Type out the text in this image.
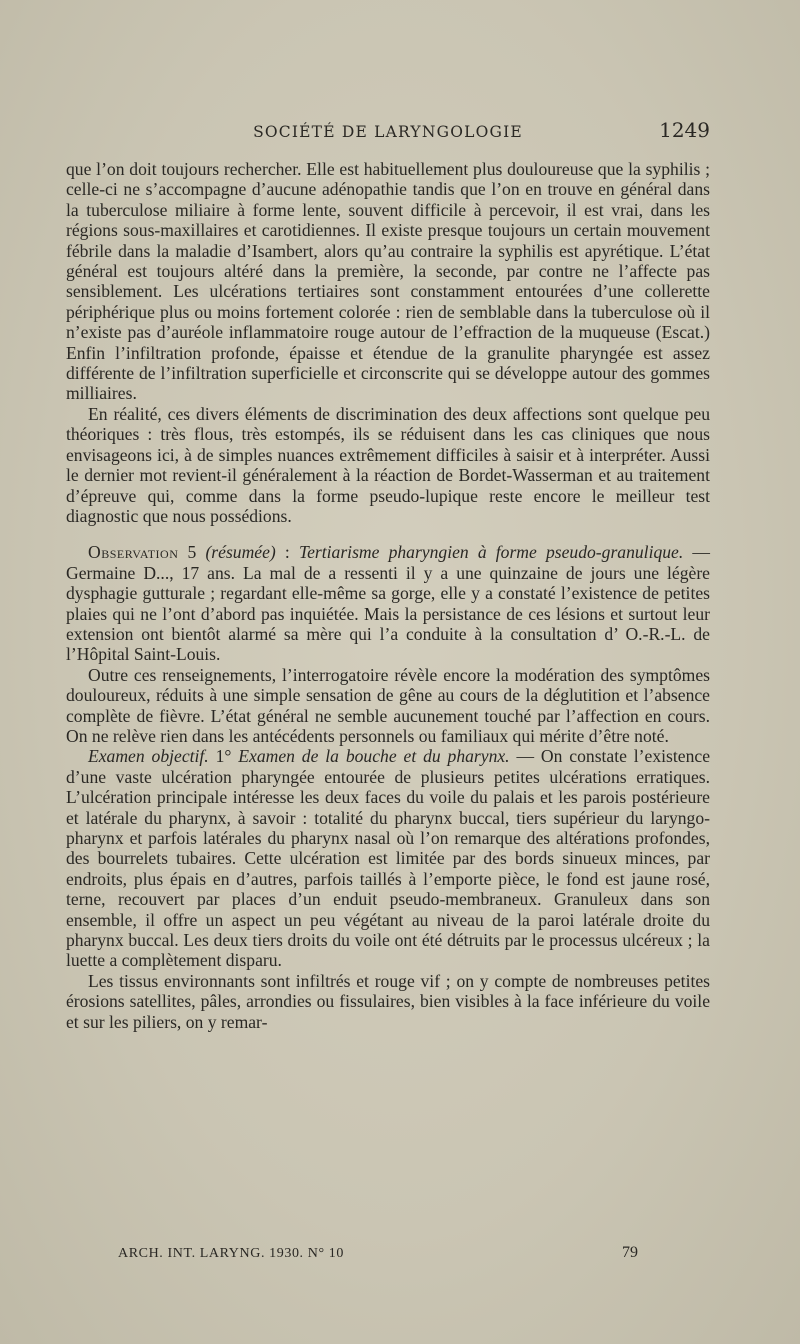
SOCIÉTÉ DE LARYNGOLOGIE	1249

que l’on doit toujours rechercher. Elle est habituellement plus douloureuse que la syphilis ; celle-ci ne s’accompagne d’aucune adénopathie tandis que l’on en trouve en général dans la tuberculose miliaire à forme lente, souvent difficile à percevoir, il est vrai, dans les régions sous-maxillaires et carotidiennes. Il existe presque toujours un certain mouvement fébrile dans la maladie d’Isambert, alors qu’au contraire la syphilis est apyrétique. L’état général est toujours altéré dans la première, la seconde, par contre ne l’affecte pas sensiblement. Les ulcérations tertiaires sont constamment entourées d’une collerette périphérique plus ou moins fortement colorée : rien de semblable dans la tuberculose où il n’existe pas d’auréole inflammatoire rouge autour de l’effraction de la muqueuse (Escat.) Enfin l’infiltration profonde, épaisse et étendue de la granulite pharyngée est assez différente de l’infiltration superficielle et circonscrite qui se développe autour des gommes milliaires.

En réalité, ces divers éléments de discrimination des deux affections sont quelque peu théoriques : très flous, très estompés, ils se réduisent dans les cas cliniques que nous envisageons ici, à de simples nuances extrêmement difficiles à saisir et à interpréter. Aussi le dernier mot revient-il généralement à la réaction de Bordet-Wasserman et au traitement d’épreuve qui, comme dans la forme pseudo-lupique reste encore le meilleur test diagnostic que nous possédions.

Observation 5 (résumée) : Tertiarisme pharyngien à forme pseudo-granulique. — Germaine D..., 17 ans. La mal de a ressenti il y a une quinzaine de jours une légère dysphagie gutturale ; regardant elle-même sa gorge, elle y a constaté l’existence de petites plaies qui ne l’ont d’abord pas inquiétée. Mais la persistance de ces lésions et surtout leur extension ont bientôt alarmé sa mère qui l’a conduite à la consultation d’ O.-R.-L. de l’Hôpital Saint-Louis.

Outre ces renseignements, l’interrogatoire révèle encore la modération des symptômes douloureux, réduits à une simple sensation de gêne au cours de la déglutition et l’absence complète de fièvre. L’état général ne semble aucunement touché par l’affection en cours. On ne relève rien dans les antécédents personnels ou familiaux qui mérite d’être noté.

Examen objectif. 1° Examen de la bouche et du pharynx. — On constate l’existence d’une vaste ulcération pharyngée entourée de plusieurs petites ulcérations erratiques. L’ulcération principale intéresse les deux faces du voile du palais et les parois postérieure et latérale du pharynx, à savoir : totalité du pharynx buccal, tiers supérieur du laryngo-pharynx et parfois latérales du pharynx nasal où l’on remarque des altérations profondes, des bourrelets tubaires. Cette ulcération est limitée par des bords sinueux minces, par endroits, plus épais en d’autres, parfois taillés à l’emporte pièce, le fond est jaune rosé, terne, recouvert par places d’un enduit pseudo-membraneux. Granuleux dans son ensemble, il offre un aspect un peu végétant au niveau de la paroi latérale droite du pharynx buccal. Les deux tiers droits du voile ont été détruits par le processus ulcéreux ; la luette a complètement disparu.

Les tissus environnants sont infiltrés et rouge vif ; on y compte de nombreuses petites érosions satellites, pâles, arrondies ou fissulaires, bien visibles à la face inférieure du voile et sur les piliers, on y remar-

ARCH. INT. LARYNG. 1930. N° 10	79
